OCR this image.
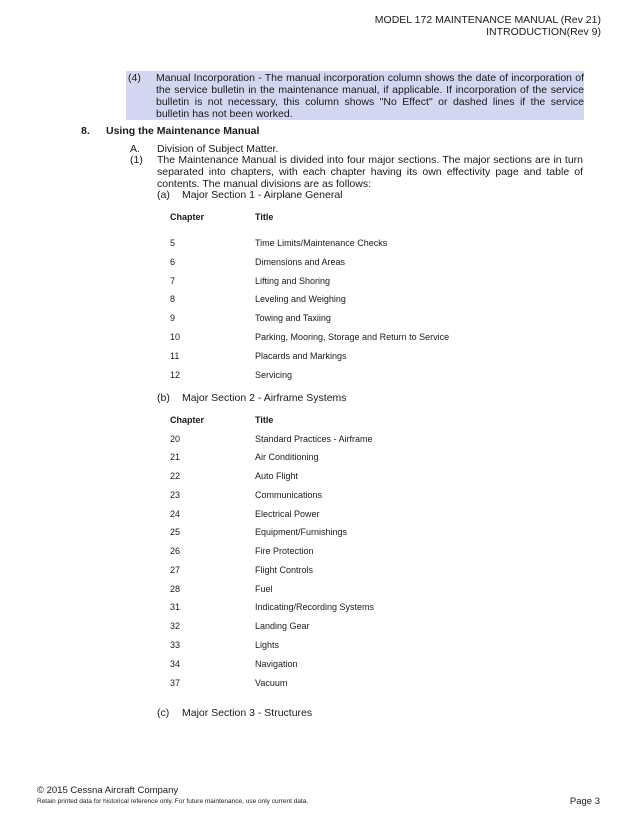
MODEL 172 MAINTENANCE MANUAL (Rev 21)
INTRODUCTION(Rev 9)
(4) Manual Incorporation - The manual incorporation column shows the date of incorporation of the service bulletin in the maintenance manual, if applicable. If incorporation of the service bulletin is not necessary, this column shows "No Effect" or dashed lines if the service bulletin has not been worked.
8. Using the Maintenance Manual
A. Division of Subject Matter.
(1) The Maintenance Manual is divided into four major sections. The major sections are in turn separated into chapters, with each chapter having its own effectivity page and table of contents. The manual divisions are as follows:
(a) Major Section 1 - Airplane General
Chapter	Title
5	Time Limits/Maintenance Checks
6	Dimensions and Areas
7	Lifting and Shoring
8	Leveling and Weighing
9	Towing and Taxiing
10	Parking, Mooring, Storage and Return to Service
11	Placards and Markings
12	Servicing
(b) Major Section 2 - Airframe Systems
Chapter	Title
20	Standard Practices - Airframe
21	Air Conditioning
22	Auto Flight
23	Communications
24	Electrical Power
25	Equipment/Furnishings
26	Fire Protection
27	Flight Controls
28	Fuel
31	Indicating/Recording Systems
32	Landing Gear
33	Lights
34	Navigation
37	Vacuum
(c) Major Section 3 - Structures
© 2015 Cessna Aircraft Company
Retain printed data for historical reference only. For future maintenance, use only current data.	Page 3
